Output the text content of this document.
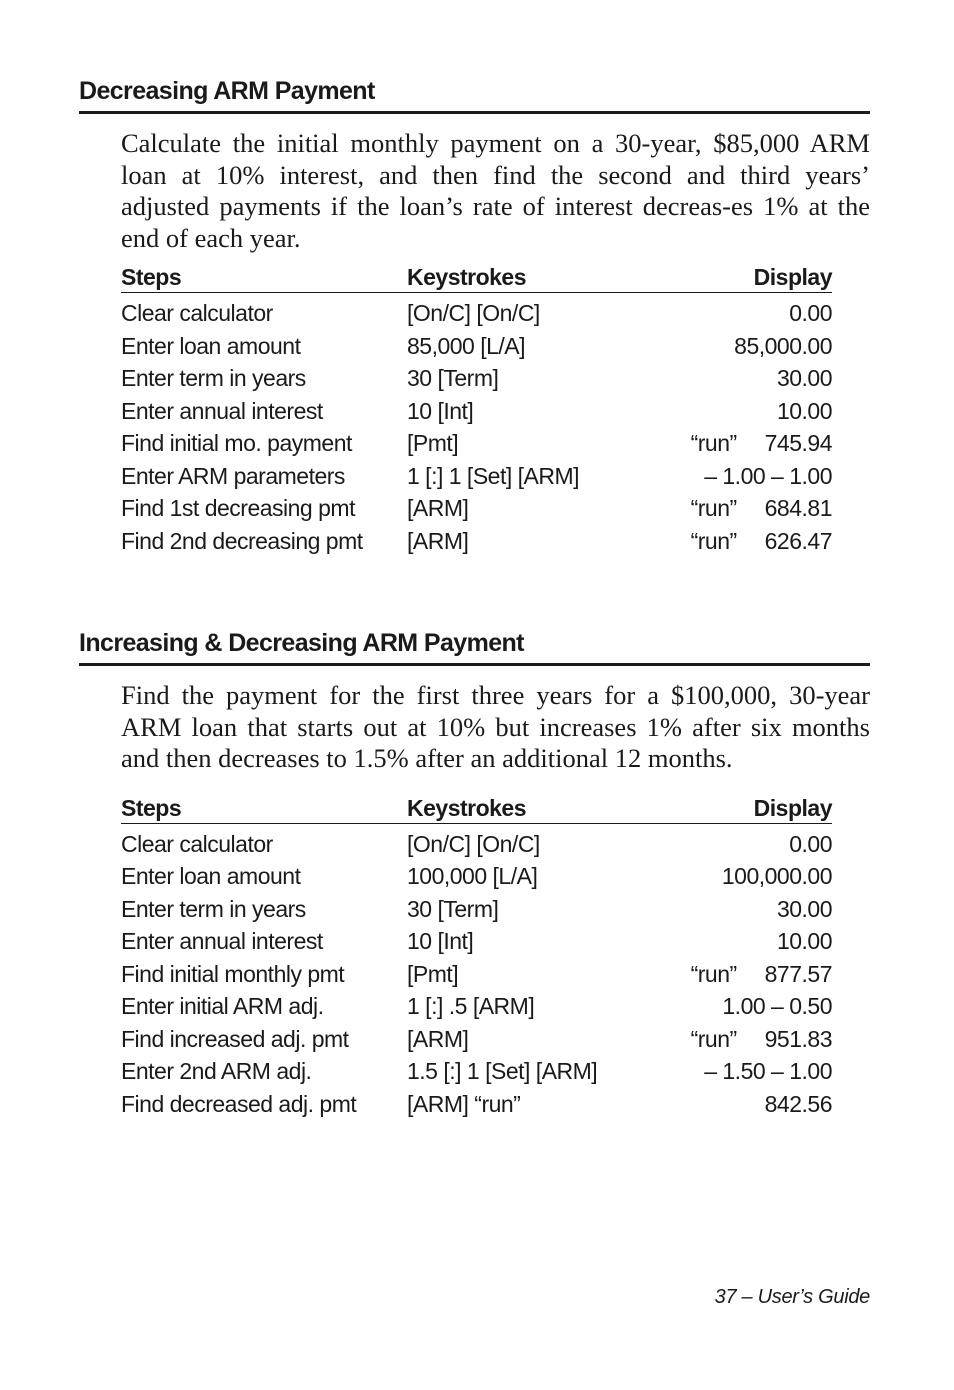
Decreasing ARM Payment

Calculate the initial monthly payment on a 30-year, $85,000 ARM loan at 10% interest, and then find the second and third years’ adjusted payments if the loan’s rate of interest decreas-es 1% at the end of each year.

Steps	Keystrokes	Display
Clear calculator	[On/C] [On/C]	0.00
Enter loan amount	85,000 [L/A]	85,000.00
Enter term in years	30 [Term]	30.00
Enter annual interest	10 [Int]	10.00
Find initial mo. payment	[Pmt]	“run” 745.94
Enter ARM parameters	1 [:] 1 [Set] [ARM]	– 1.00 – 1.00
Find 1st decreasing pmt	[ARM]	“run” 684.81
Find 2nd decreasing pmt	[ARM]	“run” 626.47
Increasing & Decreasing ARM Payment

Find the payment for the first three years for a $100,000, 30-year ARM loan that starts out at 10% but increases 1% after six months and then decreases to 1.5% after an additional 12 months.

Steps	Keystrokes	Display
Clear calculator	[On/C] [On/C]	0.00
Enter loan amount	100,000 [L/A]	100,000.00
Enter term in years	30 [Term]	30.00
Enter annual interest	10 [Int]	10.00
Find initial monthly pmt	[Pmt]	“run” 877.57
Enter initial ARM adj.	1 [:] .5 [ARM]	1.00 – 0.50
Find increased adj. pmt	[ARM]	“run” 951.83
Enter 2nd ARM adj.	1.5 [:] 1 [Set] [ARM]	– 1.50 – 1.00
Find decreased adj. pmt	[ARM] “run”	842.56
37 – User’s Guide
